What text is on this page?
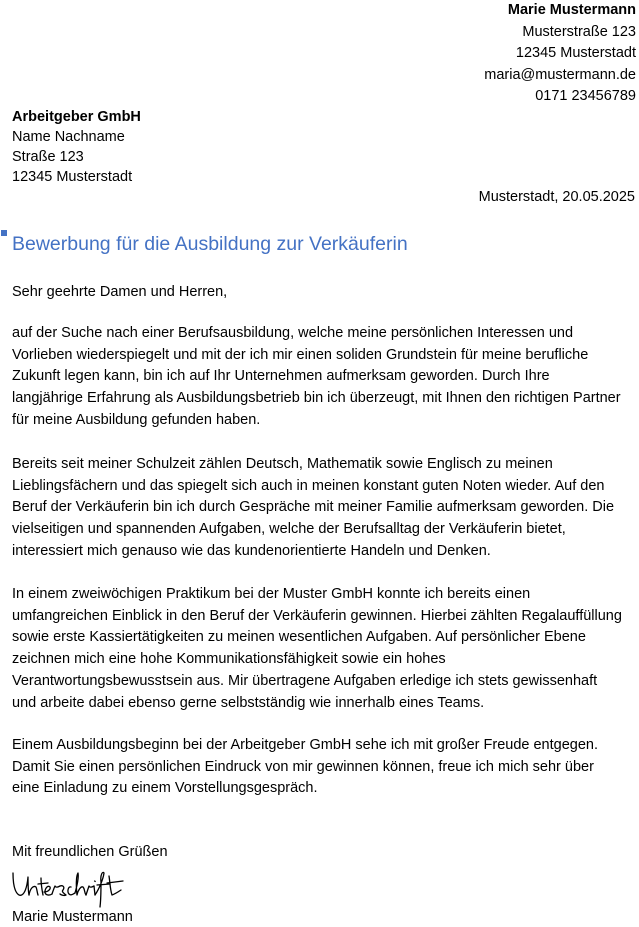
Marie Mustermann
Musterstraße 123
12345 Musterstadt
maria@mustermann.de
0171 23456789
Arbeitgeber GmbH
Name Nachname
Straße 123
12345 Musterstadt
Musterstadt, 20.05.2025
Bewerbung für die Ausbildung zur Verkäuferin
Sehr geehrte Damen und Herren,
auf der Suche nach einer Berufsausbildung, welche meine persönlichen Interessen und
Vorlieben wiederspiegelt und mit der ich mir einen soliden Grundstein für meine berufliche
Zukunft legen kann, bin ich auf Ihr Unternehmen aufmerksam geworden. Durch Ihre
langjährige Erfahrung als Ausbildungsbetrieb bin ich überzeugt, mit Ihnen den richtigen Partner
für meine Ausbildung gefunden haben.
Bereits seit meiner Schulzeit zählen Deutsch, Mathematik sowie Englisch zu meinen
Lieblingsfächern und das spiegelt sich auch in meinen konstant guten Noten wieder. Auf den
Beruf der Verkäuferin bin ich durch Gespräche mit meiner Familie aufmerksam geworden. Die
vielseitigen und spannenden Aufgaben, welche der Berufsalltag der Verkäuferin bietet,
interessiert mich genauso wie das kundenorientierte Handeln und Denken.
In einem zweiwöchigen Praktikum bei der Muster GmbH konnte ich bereits einen
umfangreichen Einblick in den Beruf der Verkäuferin gewinnen. Hierbei zählten Regalauffüllung
sowie erste Kassiertätigkeiten zu meinen wesentlichen Aufgaben. Auf persönlicher Ebene
zeichnen mich eine hohe Kommunikationsfähigkeit sowie ein hohes
Verantwortungsbewusstsein aus. Mir übertragene Aufgaben erledige ich stets gewissenhaft
und arbeite dabei ebenso gerne selbstständig wie innerhalb eines Teams.
Einem Ausbildungsbeginn bei der Arbeitgeber GmbH sehe ich mit großer Freude entgegen.
Damit Sie einen persönlichen Eindruck von mir gewinnen können, freue ich mich sehr über
eine Einladung zu einem Vorstellungsgespräch.
Mit freundlichen Grüßen
Marie Mustermann
